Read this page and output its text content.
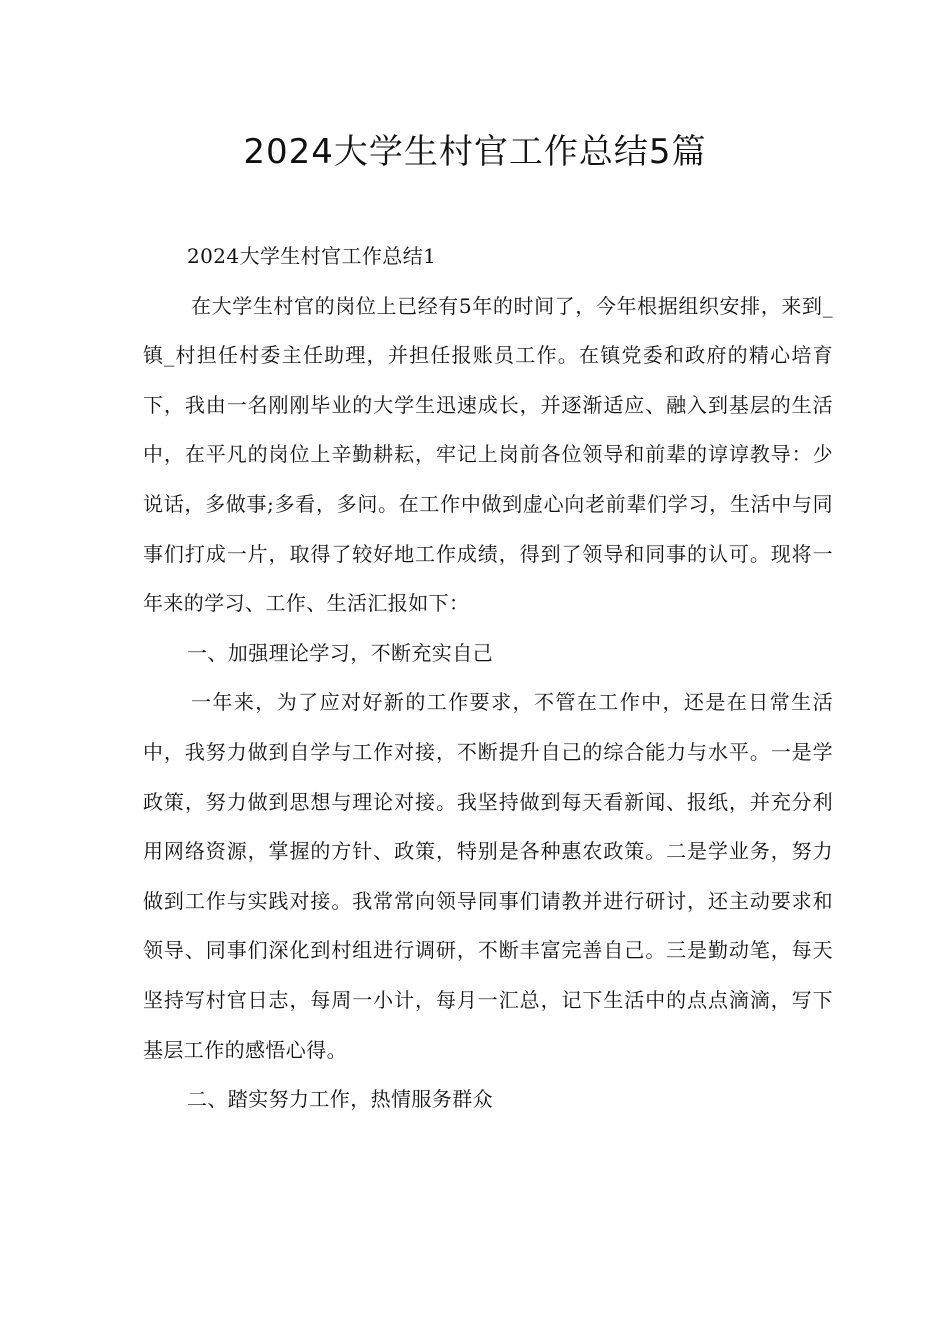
2024大学生村官工作总结5篇

2024大学生村官工作总结1

在大学生村官的岗位上已经有5年的时间了，今年根据组织安排，来到_镇_村担任村委主任助理，并担任报账员工作。在镇党委和政府的精心培育下，我由一名刚刚毕业的大学生迅速成长，并逐渐适应、融入到基层的生活中，在平凡的岗位上辛勤耕耘，牢记上岗前各位领导和前辈的谆谆教导：少说话，多做事;多看，多问。在工作中做到虚心向老前辈们学习，生活中与同事们打成一片，取得了较好地工作成绩，得到了领导和同事的认可。现将一年来的学习、工作、生活汇报如下：

一、加强理论学习，不断充实自己

一年来，为了应对好新的工作要求，不管在工作中，还是在日常生活中，我努力做到自学与工作对接，不断提升自己的综合能力与水平。一是学政策，努力做到思想与理论对接。我坚持做到每天看新闻、报纸，并充分利用网络资源，掌握的方针、政策，特别是各种惠农政策。二是学业务，努力做到工作与实践对接。我常常向领导同事们请教并进行研讨，还主动要求和领导、同事们深化到村组进行调研，不断丰富完善自己。三是勤动笔，每天坚持写村官日志，每周一小计，每月一汇总，记下生活中的点点滴滴，写下基层工作的感悟心得。

二、踏实努力工作，热情服务群众
